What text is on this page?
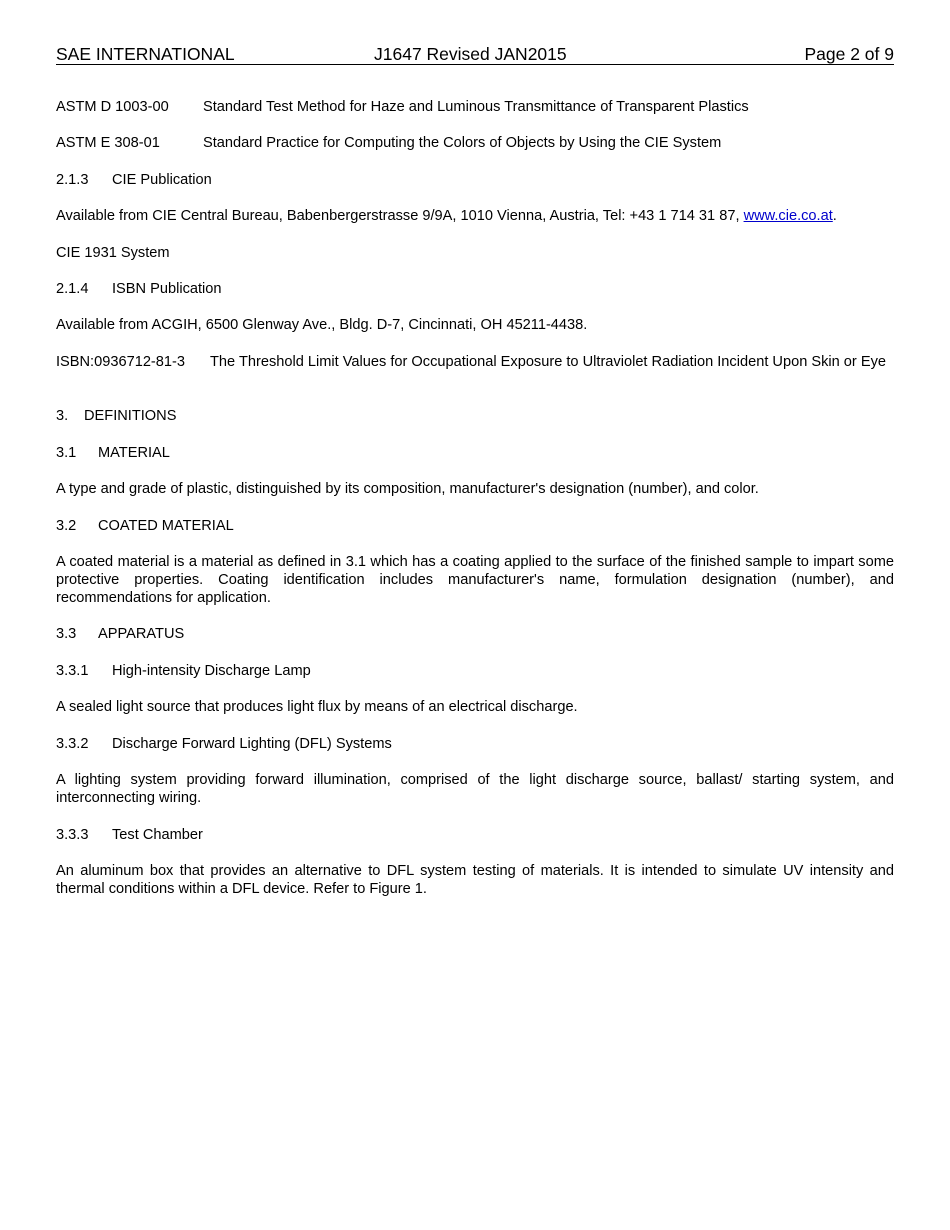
SAE INTERNATIONAL	J1647 Revised JAN2015	Page 2 of 9
ASTM D 1003-00 Standard Test Method for Haze and Luminous Transmittance of Transparent Plastics
ASTM E 308-01	Standard Practice for Computing the Colors of Objects by Using the CIE System
2.1.3 CIE Publication
Available from CIE Central Bureau, Babenbergerstrasse 9/9A, 1010 Vienna, Austria, Tel: +43 1 714 31 87, www.cie.co.at.
CIE 1931 System
2.1.4 ISBN Publication
Available from ACGIH, 6500 Glenway Ave., Bldg. D-7, Cincinnati, OH 45211-4438.
ISBN:0936712-81-3 The Threshold Limit Values for Occupational Exposure to Ultraviolet Radiation Incident Upon Skin or Eye
3. DEFINITIONS
3.1 MATERIAL
A type and grade of plastic, distinguished by its composition, manufacturer's designation (number), and color.
3.2 COATED MATERIAL
A coated material is a material as defined in 3.1 which has a coating applied to the surface of the finished sample to impart some protective properties. Coating identification includes manufacturer's name, formulation designation (number), and recommendations for application.
3.3 APPARATUS
3.3.1 High-intensity Discharge Lamp
A sealed light source that produces light flux by means of an electrical discharge.
3.3.2 Discharge Forward Lighting (DFL) Systems
A lighting system providing forward illumination, comprised of the light discharge source, ballast/ starting system, and interconnecting wiring.
3.3.3 Test Chamber
An aluminum box that provides an alternative to DFL system testing of materials. It is intended to simulate UV intensity and thermal conditions within a DFL device. Refer to Figure 1.
